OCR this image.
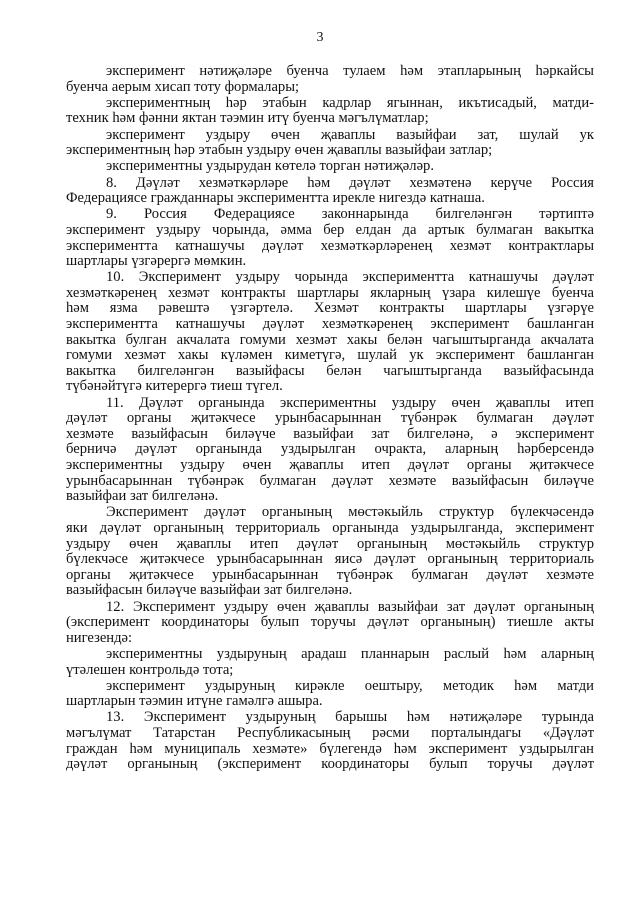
3
эксперимент нәтиҗәләре буенча тулаем һәм этапларының һәркайсы
буенча аерым хисап тоту формалары;
экспериментның һәр этабын кадрлар ягыннан, икътисадый, матди-
техник һәм фәнни яктан тәэмин итү буенча мәгълүматлар;
эксперимент уздыру өчен җаваплы вазыйфаи зат, шулай ук
экспериментның һәр этабын уздыру өчен җаваплы вазыйфаи затлар;
экспериментны уздырудан көтелә торган нәтиҗәләр.
8. Дәүләт хезмәткәрләре һәм дәүләт хезмәтенә керүче Россия
Федерациясе гражданнары экспериментта ирекле нигездә катнаша.
9. Россия Федерациясе законнарында билгеләнгән тәртиптә
эксперимент уздыру чорында, әмма бер елдан да артык булмаган вакытка
экспериментта катнашучы дәүләт хезмәткәрләренең хезмәт контрактлары
шартлары үзгәрергә мөмкин.
10. Эксперимент уздыру чорында экспериментта катнашучы дәүләт
хезмәткәренең хезмәт контракты шартлары якларның үзара килешүе буенча
һәм язма рәвештә үзгәртелә. Хезмәт контракты шартлары үзгәрүе
экспериментта катнашучы дәүләт хезмәткәренең эксперимент башланган
вакытка булган акчалата гомуми хезмәт хакы белән чагыштырганда акчалата
гомуми хезмәт хакы күләмен киметүгә, шулай ук эксперимент башланган
вакытка билгеләнгән вазыйфасы белән чагыштырганда вазыйфасында
түбәнәйтүгә китерергә тиеш түгел.
11. Дәүләт органында экспериментны уздыру өчен җаваплы итеп
дәүләт органы җитәкчесе урынбасарыннан түбәнрәк булмаган дәүләт
хезмәте вазыйфасын биләүче вазыйфаи зат билгеләнә, ә эксперимент
берничә дәүләт органында уздырылган очракта, аларның һәрберсендә
экспериментны уздыру өчен җаваплы итеп дәүләт органы җитәкчесе
урынбасарыннан түбәнрәк булмаган дәүләт хезмәте вазыйфасын биләүче
вазыйфаи зат билгеләнә.
Эксперимент дәүләт органының мөстәкыйль структур бүлекчәсендә
яки дәүләт органының территориаль органында уздырылганда, эксперимент
уздыру өчен җаваплы итеп дәүләт органының мөстәкыйль структур
бүлекчәсе җитәкчесе урынбасарыннан яисә дәүләт органының территориаль
органы җитәкчесе урынбасарыннан түбәнрәк булмаган дәүләт хезмәте
вазыйфасын биләүче вазыйфаи зат билгеләнә.
12. Эксперимент уздыру өчен җаваплы вазыйфаи зат дәүләт органының
(эксперимент координаторы булып торучы дәүләт органының) тиешле акты
нигезендә:
экспериментны уздыруның арадаш планнарын раслый һәм аларның
үтәлешен контрольдә тота;
эксперимент уздыруның кирәкле оештыру, методик һәм матди
шартларын тәэмин итүне гамәлгә ашыра.
13. Эксперимент уздыруның барышы һәм нәтиҗәләре турында
мәгълүмат Татарстан Республикасының рәсми порталындагы «Дәүләт
граждан һәм муниципаль хезмәте» бүлегендә һәм эксперимент уздырылган
дәүләт органының (эксперимент координаторы булып торучы дәүләт
